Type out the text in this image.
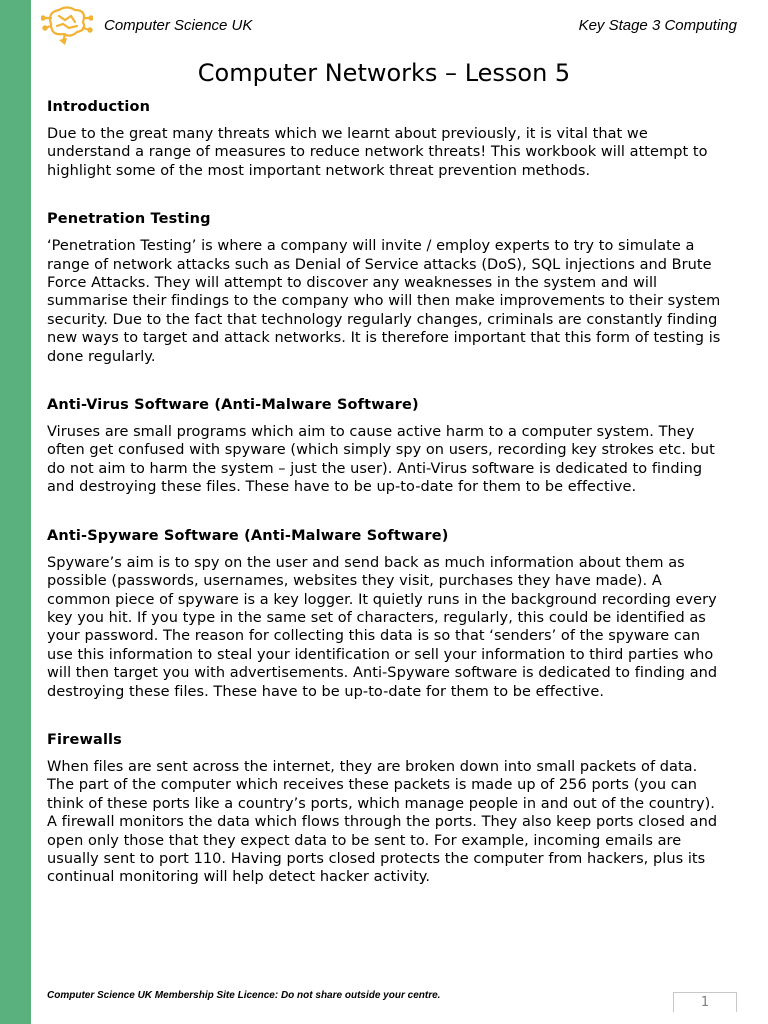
Computer Science UK	Key Stage 3 Computing
Computer Networks – Lesson 5
Introduction

Due to the great many threats which we learnt about previously, it is vital that we understand a range of measures to reduce network threats! This workbook will attempt to highlight some of the most important network threat prevention methods.

Penetration Testing

‘Penetration Testing’ is where a company will invite / employ experts to try to simulate a range of network attacks such as Denial of Service attacks (DoS), SQL injections and Brute Force Attacks. They will attempt to discover any weaknesses in the system and will summarise their findings to the company who will then make improvements to their system security. Due to the fact that technology regularly changes, criminals are constantly finding new ways to target and attack networks. It is therefore important that this form of testing is done regularly.

Anti-Virus Software (Anti-Malware Software)

Viruses are small programs which aim to cause active harm to a computer system. They often get confused with spyware (which simply spy on users, recording key strokes etc. but do not aim to harm the system – just the user). Anti-Virus software is dedicated to finding and destroying these files. These have to be up-to-date for them to be effective.

Anti-Spyware Software (Anti-Malware Software)

Spyware’s aim is to spy on the user and send back as much information about them as possible (passwords, usernames, websites they visit, purchases they have made). A common piece of spyware is a key logger. It quietly runs in the background recording every key you hit. If you type in the same set of characters, regularly, this could be identified as your password. The reason for collecting this data is so that ‘senders’ of the spyware can use this information to steal your identification or sell your information to third parties who will then target you with advertisements. Anti-Spyware software is dedicated to finding and destroying these files. These have to be up-to-date for them to be effective.

Firewalls

When files are sent across the internet, they are broken down into small packets of data. The part of the computer which receives these packets is made up of 256 ports (you can think of these ports like a country’s ports, which manage people in and out of the country). A firewall monitors the data which flows through the ports. They also keep ports closed and open only those that they expect data to be sent to. For example, incoming emails are usually sent to port 110. Having ports closed protects the computer from hackers, plus its continual monitoring will help detect hacker activity.

Computer Science UK Membership Site Licence: Do not share outside your centre.	1
